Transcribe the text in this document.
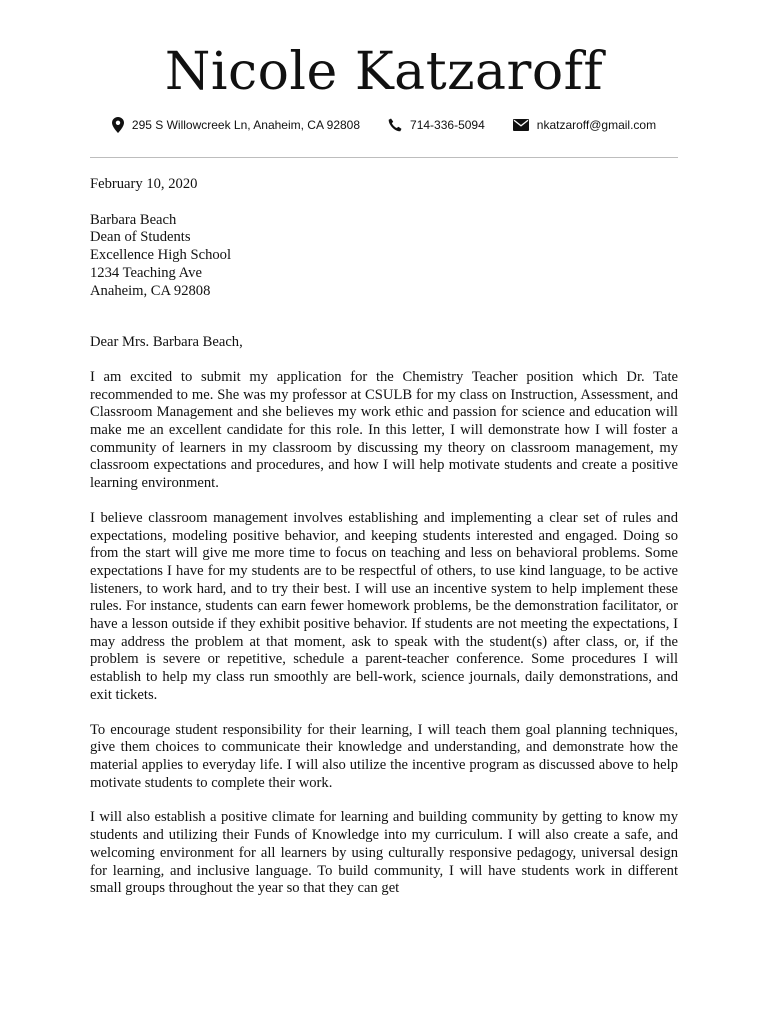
Nicole Katzaroff
295 S Willowcreek Ln, Anaheim, CA 92808	714-336-5094	nkatzaroff@gmail.com
February 10, 2020
Barbara Beach
Dean of Students
Excellence High School
1234 Teaching Ave
Anaheim, CA 92808
Dear Mrs. Barbara Beach,

I am excited to submit my application for the Chemistry Teacher position which Dr. Tate recommended to me. She was my professor at CSULB for my class on Instruction, Assessment, and Classroom Management and she believes my work ethic and passion for science and education will make me an excellent candidate for this role. In this letter, I will demonstrate how I will foster a community of learners in my classroom by discussing my theory on classroom management, my classroom expectations and procedures, and how I will help motivate students and create a positive learning environment.

I believe classroom management involves establishing and implementing a clear set of rules and expectations, modeling positive behavior, and keeping students interested and engaged. Doing so from the start will give me more time to focus on teaching and less on behavioral problems. Some expectations I have for my students are to be respectful of others, to use kind language, to be active listeners, to work hard, and to try their best. I will use an incentive system to help implement these rules. For instance, students can earn fewer homework problems, be the demonstration facilitator, or have a lesson outside if they exhibit positive behavior. If students are not meeting the expectations, I may address the problem at that moment, ask to speak with the student(s) after class, or, if the problem is severe or repetitive, schedule a parent-teacher conference. Some procedures I will establish to help my class run smoothly are bell-work, science journals, daily demonstrations, and exit tickets.

To encourage student responsibility for their learning, I will teach them goal planning techniques, give them choices to communicate their knowledge and understanding, and demonstrate how the material applies to everyday life. I will also utilize the incentive program as discussed above to help motivate students to complete their work.

I will also establish a positive climate for learning and building community by getting to know my students and utilizing their Funds of Knowledge into my curriculum. I will also create a safe, and welcoming environment for all learners by using culturally responsive pedagogy, universal design for learning, and inclusive language. To build community, I will have students work in different small groups throughout the year so that they can get
